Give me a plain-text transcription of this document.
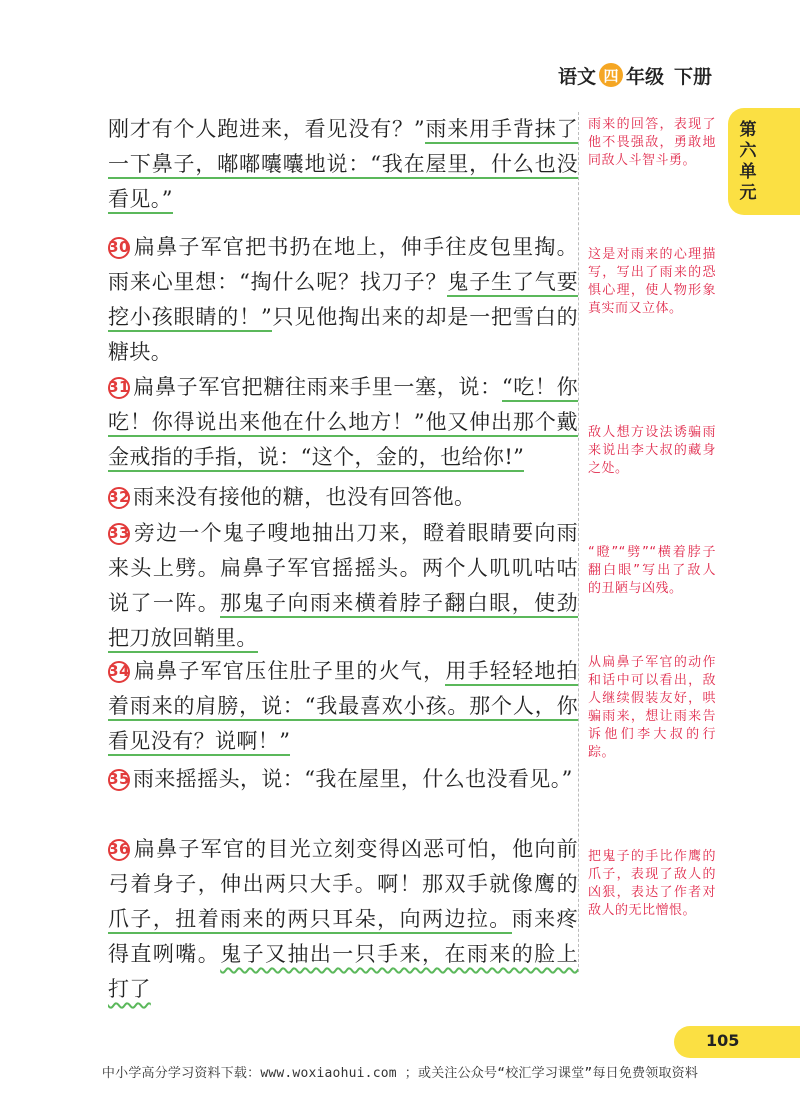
语文 四 年级 下册
第
六
单
元

刚才有个人跑进来，看见没有？”雨来用手背抹了一下鼻子，嘟嘟囔囔地说：“我在屋里，什么也没看见。”

30 扁鼻子军官把书扔在地上，伸手往皮包里掏。雨来心里想：“掏什么呢？找刀子？鬼子生了气要挖小孩眼睛的！”只见他掏出来的却是一把雪白的糖块。

31 扁鼻子军官把糖往雨来手里一塞，说：“吃！你吃！你得说出来他在什么地方！”他又伸出那个戴金戒指的手指，说：“这个，金的，也给你!”

32 雨来没有接他的糖，也没有回答他。

33 旁边一个鬼子嗖地抽出刀来，瞪着眼睛要向雨来头上劈。扁鼻子军官摇摇头。两个人叽叽咕咕说了一阵。那鬼子向雨来横着脖子翻白眼，使劲把刀放回鞘里。

34 扁鼻子军官压住肚子里的火气，用手轻轻地拍着雨来的肩膀，说：“我最喜欢小孩。那个人，你看见没有？说啊！”

35 雨来摇摇头，说：“我在屋里，什么也没看见。”

36 扁鼻子军官的目光立刻变得凶恶可怕，他向前弓着身子，伸出两只大手。啊！那双手就像鹰的爪子，扭着雨来的两只耳朵，向两边拉。雨来疼得直咧嘴。鬼子又抽出一只手来，在雨来的脸上打了

雨来的回答，表现了他不畏强敌，勇敢地同敌人斗智斗勇。
这是对雨来的心理描写，写出了雨来的恐惧心理，使人物形象真实而又立体。
敌人想方设法诱骗雨来说出李大叔的藏身之处。
“瞪”“劈”“横着脖子翻白眼”写出了敌人的丑陋与凶残。
从扁鼻子军官的动作和话中可以看出，敌人继续假装友好，哄骗雨来，想让雨来告诉他们李大叔的行踪。
把鬼子的手比作鹰的爪子，表现了敌人的凶狠，表达了作者对敌人的无比憎恨。
105
中小学高分学习资料下载：www.woxiaohui.com ；或关注公众号“校汇学习课堂”每日免费领取资料
